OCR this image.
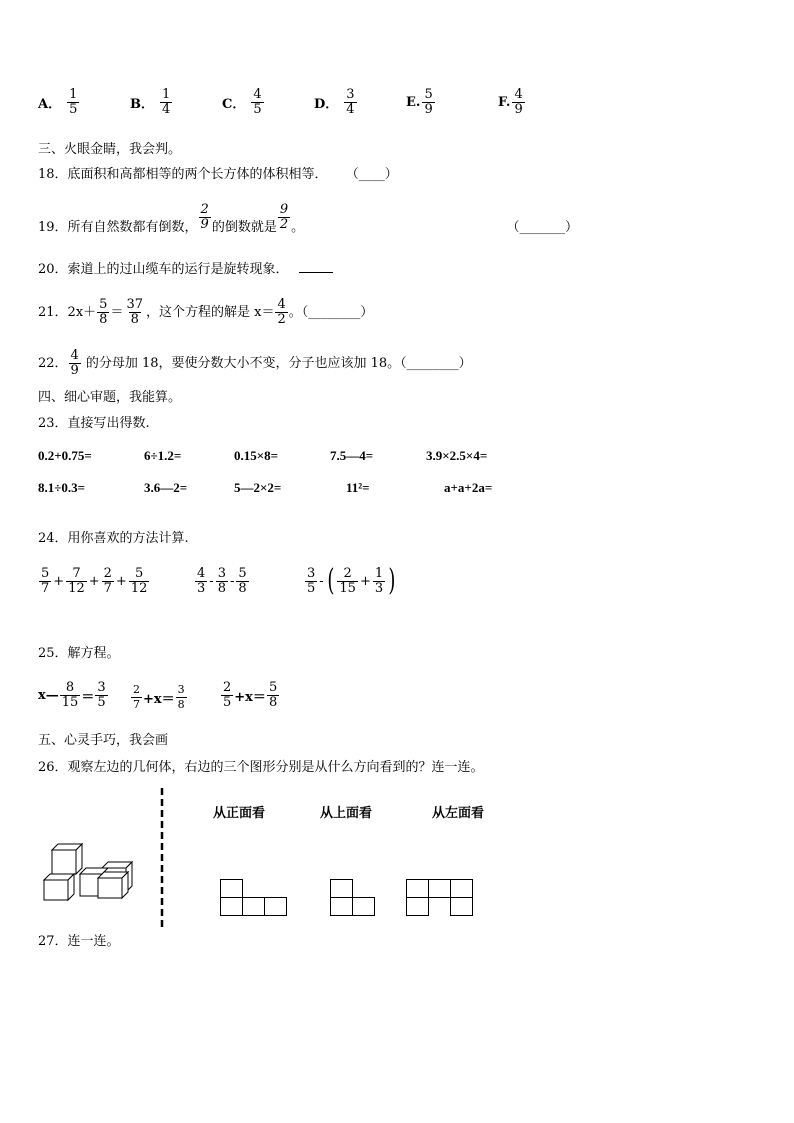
A． $\frac{1}{5}$	B． $\frac{1}{4}$	C． $\frac{4}{5}$	D． $\frac{3}{4}$	E. $\frac{5}{9}$	F. $\frac{4}{9}$
三、火眼金睛，我会判。
18．底面积和高都相等的两个长方体的体积相等． （____）
19．所有自然数都有倒数， $\frac{2}{9}$ 的倒数就是 $\frac{9}{2}$ 。	（_______）
20．索道上的过山缆车的运行是旋转现象．
21．$2x+ \frac{5}{8} = \frac{37}{8}$ ，这个方程的解是 $x= \frac{4}{2}$ 。（________）
22． $\frac{4}{9}$ 的分母加 18，要使分数大小不变，分子也应该加 18。（________）
四、细心审题，我能算。
23．直接写出得数.
0.2+0.75=	6÷1.2=	0.15×8=	7.5—4=	3.9×2.5×4=
8.1÷0.3=	3.6—2=	5—2×2=	11²=	a+a+2a=
24．用你喜欢的方法计算.
$\frac{5}{7} + \frac{7}{12} + \frac{2}{7} + \frac{5}{12}$	$\frac{4}{3} - \frac{3}{8} - \frac{5}{8}$	$\frac{3}{5}$ - ( $\frac{2}{15} + \frac{1}{3}$ )
25．解方程。
x— $\frac{8}{15} = \frac{3}{5} \frac{2}{7} +x= \frac{3}{8}$	$\frac{2}{5} +x= \frac{5}{8}$
五、心灵手巧，我会画
26．观察左边的几何体，右边的三个图形分别是从什么方向看到的？连一连。
从正面看	从上面看	从左面看
27．连一连。
